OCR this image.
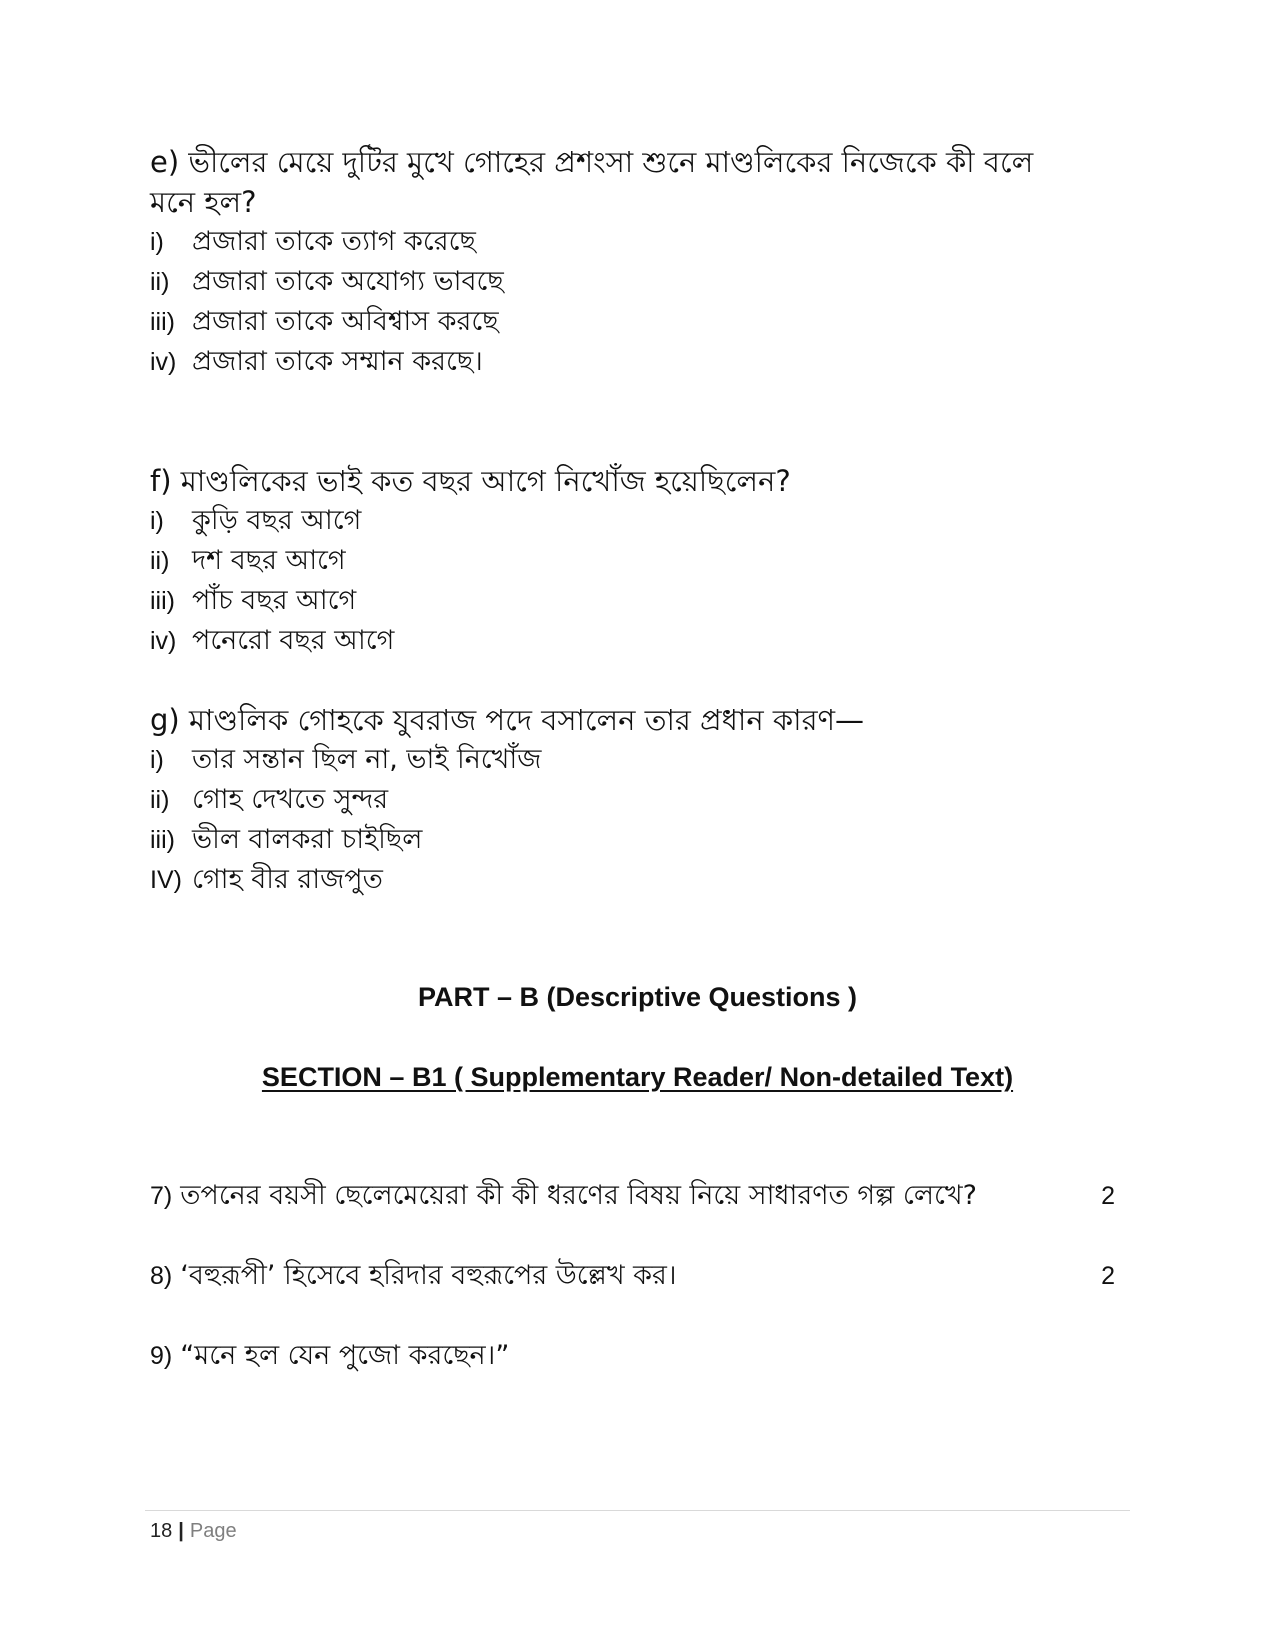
e) ভীলের মেয়ে দুটির মুখে গোহের প্রশংসা শুনে মাণ্ডলিকের নিজেকে কী বলে
মনে হল?
i) প্রজারা তাকে ত্যাগ করেছে
ii) প্রজারা তাকে অযোগ্য ভাবছে
iii) প্রজারা তাকে অবিশ্বাস করছে
iv) প্রজারা তাকে সম্মান করছে।
f) মাণ্ডলিকের ভাই কত বছর আগে নিখোঁজ হয়েছিলেন?
i) কুড়ি বছর আগে
ii) দশ বছর আগে
iii) পাঁচ বছর আগে
iv) পনেরো বছর আগে
g) মাণ্ডলিক গোহকে যুবরাজ পদে বসালেন তার প্রধান কারণ—
i) তার সন্তান ছিল না, ভাই নিখোঁজ
ii) গোহ দেখতে সুন্দর
iii) ভীল বালকরা চাইছিল
IV) গোহ বীর রাজপুত
PART – B (Descriptive Questions )
SECTION – B1 ( Supplementary Reader/ Non-detailed Text)
7) তপনের বয়সী ছেলেমেয়েরা কী কী ধরণের বিষয় নিয়ে সাধারণত গল্প লেখে?	2
8) ‘বহুরূপী’ হিসেবে হরিদার বহুরূপের উল্লেখ কর।	2
9) “মনে হল যেন পুজো করছেন।”
18 | Page
